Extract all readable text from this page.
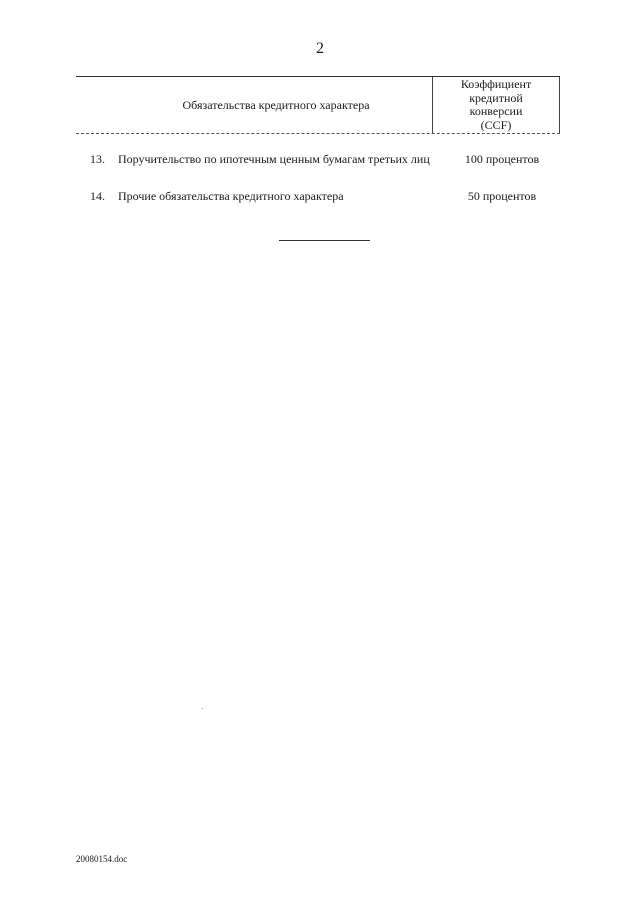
2
Обязательства кредитного характера
Коэффициент
кредитной
конверсии
(CCF)
13. Поручительство по ипотечным ценным бумагам третьих лиц	100 процентов
14. Прочие обязательства кредитного характера	50 процентов
20080154.doc
